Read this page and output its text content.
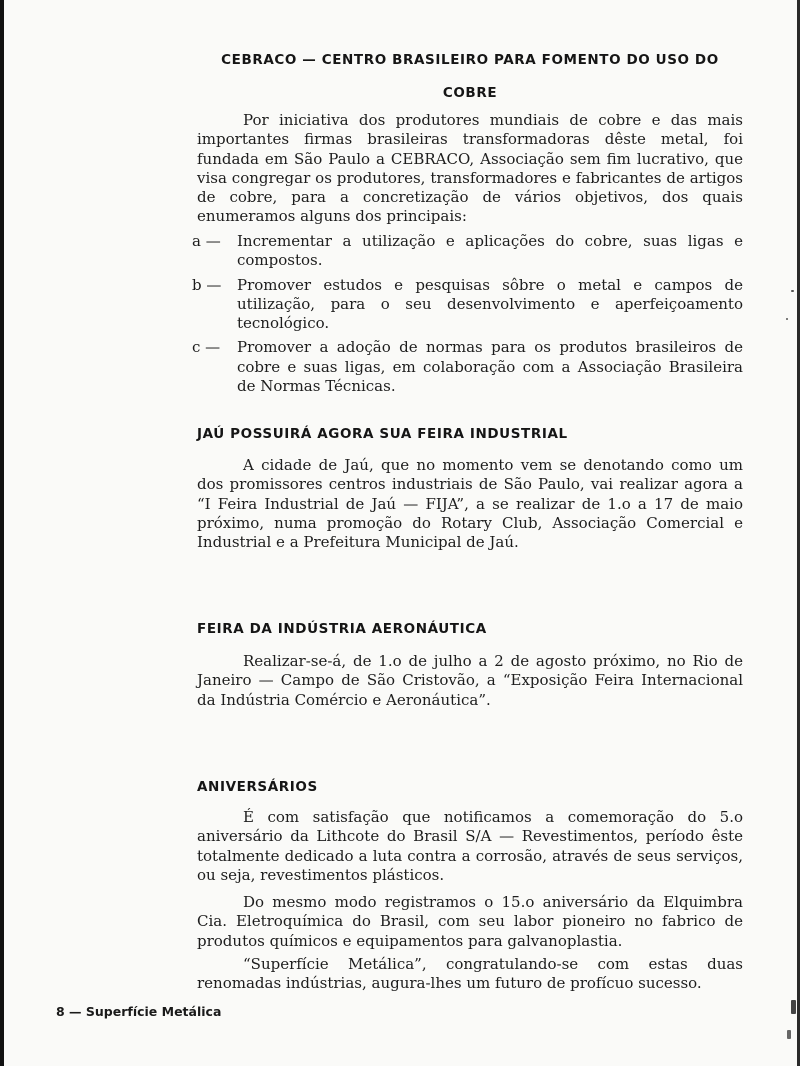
CEBRACO — CENTRO BRASILEIRO PARA FOMENTO DO USO DO COBRE

Por iniciativa dos produtores mundiais de cobre e das mais importantes firmas brasileiras transformadoras dêste metal, foi fundada em São Paulo a CEBRACO, Associação sem fim lucrativo, que visa congregar os produtores, transformadores e fabricantes de artigos de cobre, para a concretização de vários objetivos, dos quais enumeramos alguns dos principais:

a — Incrementar a utilização e aplicações do cobre, suas ligas e compostos.
b — Promover estudos e pesquisas sôbre o metal e campos de utilização, para o seu desenvolvimento e aperfeiçoamento tecnológico.
c — Promover a adoção de normas para os produtos brasileiros de cobre e suas ligas, em colaboração com a Associação Brasileira de Normas Técnicas.
JAÚ POSSUIRÁ AGORA SUA FEIRA INDUSTRIAL

A cidade de Jaú, que no momento vem se denotando como um dos promissores centros industriais de São Paulo, vai realizar agora a “I Feira Industrial de Jaú — FIJA”, a se realizar de 1.o a 17 de maio próximo, numa promoção do Rotary Club, Associação Comercial e Industrial e a Prefeitura Municipal de Jaú.

FEIRA DA INDÚSTRIA AERONÁUTICA

Realizar-se-á, de 1.o de julho a 2 de agosto próximo, no Rio de Janeiro — Campo de São Cristovão, a “Exposição Feira Internacional da Indústria Comércio e Aeronáutica”.

ANIVERSÁRIOS

É com satisfação que notificamos a comemoração do 5.o aniversário da Lithcote do Brasil S/A — Revestimentos, período êste totalmente dedicado a luta contra a corrosão, através de seus serviços, ou seja, revestimentos plásticos.

Do mesmo modo registramos o 15.o aniversário da Elquimbra Cia. Eletroquímica do Brasil, com seu labor pioneiro no fabrico de produtos químicos e equipamentos para galvanoplastia.

“Superfície Metálica”, congratulando-se com estas duas renomadas indústrias, augura-lhes um futuro de profícuo sucesso.

8 — Superfície Metálica
